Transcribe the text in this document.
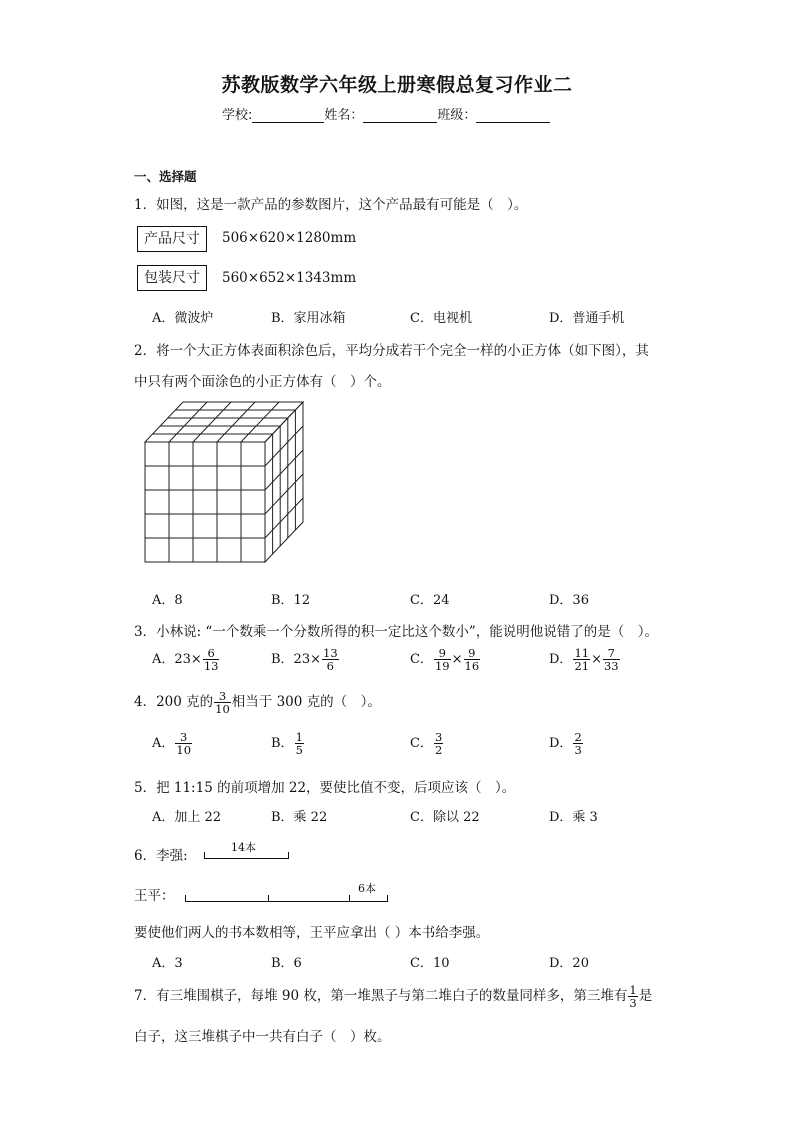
苏教版数学六年级上册寒假总复习作业二
学校:	姓名：	班级：
一、选择题
1．如图，这是一款产品的参数图片，这个产品最有可能是（　）。
产品尺寸	506×620×1280mm
包装尺寸	560×652×1343mm
A．微波炉	B．家用冰箱	C．电视机	D．普通手机
2．将一个大正方体表面积涂色后，平均分成若干个完全一样的小正方体（如下图），其
中只有两个面涂色的小正方体有（　）个。
A．8	B．12	C．24	D．36
3．小林说: “一个数乘一个分数所得的积一定比这个数小”，能说明他说错了的是（　）。
A．$23\times \frac{6}{13}$	B．$23\times \frac{13}{6}$	C． $\frac{9}{19} \times \frac{9}{16}$	D． $\frac{11}{21} \times \frac{7}{33}$
4．200 克的 $\frac{3}{10}$ 相当于 300 克的（　）。
A． $\frac{3}{10}$	B． $\frac{1}{5}$	C． $\frac{3}{2}$	D． $\frac{2}{3}$
5．把 11:15 的前项增加 22，要使比值不变，后项应该（　）。
A．加上 22	B．乘 22	C．除以 22	D．乘 3
6．李强:
14本
王平：	6本
要使他们两人的书本数相等，王平应拿出（ ）本书给李强。
A．3	B．6	C．10	D．20
7．有三堆围棋子，每堆 90 枚，第一堆黑子与第二堆白子的数量同样多，第三堆有 $\frac{1}{3}$ 是
白子，这三堆棋子中一共有白子（　）枚。
